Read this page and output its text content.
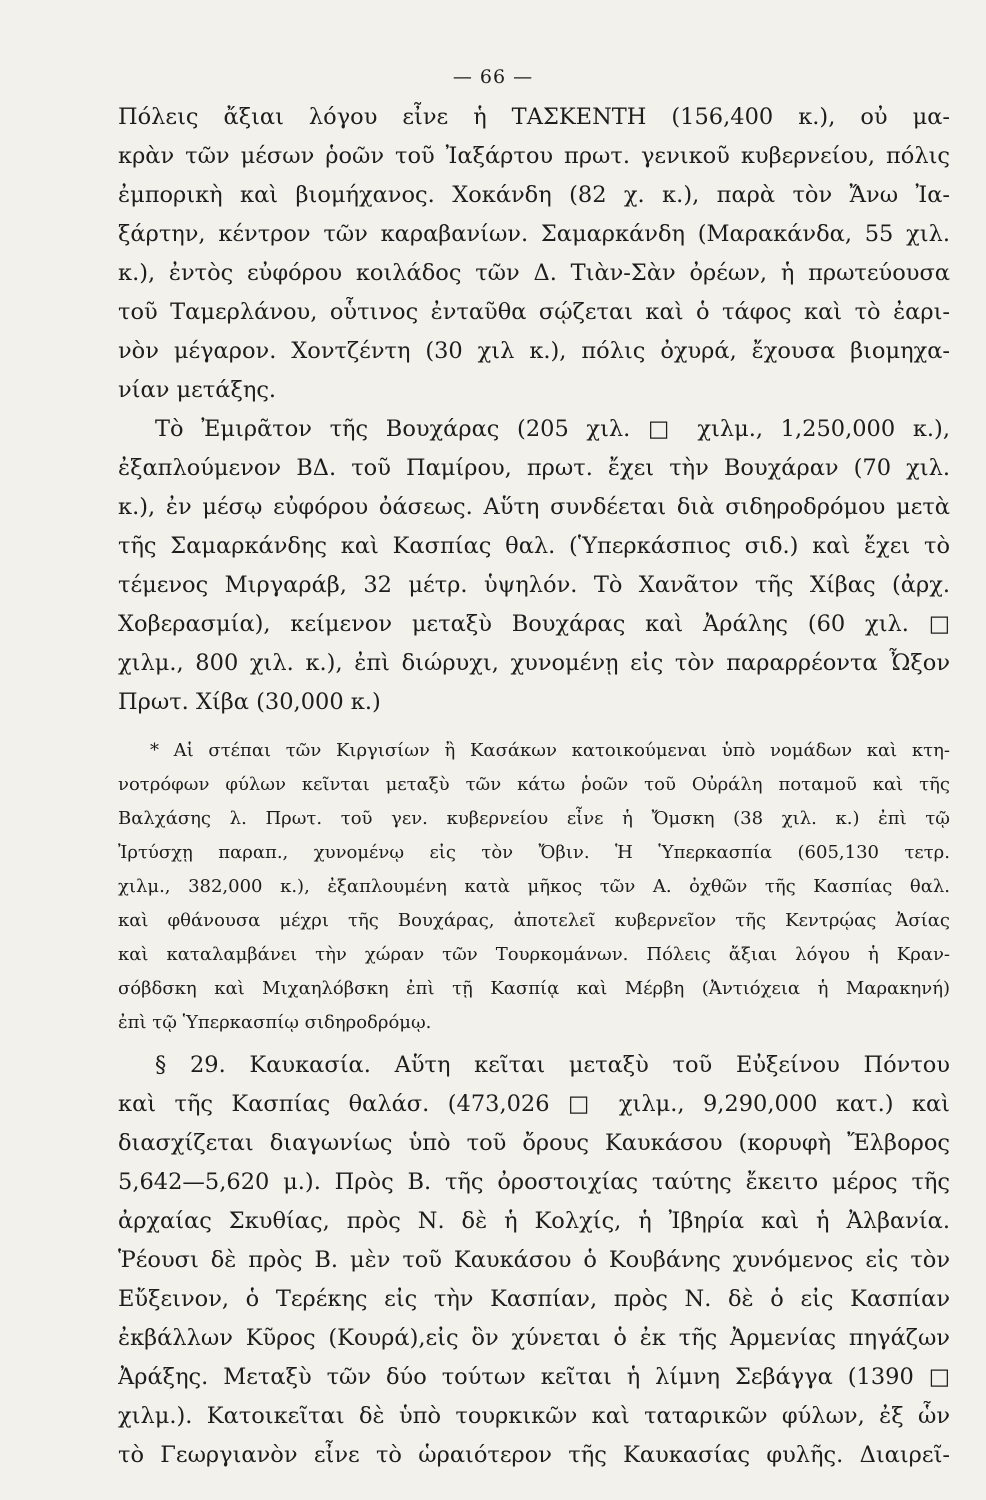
— 66 —
Πόλεις ἄξιαι λόγου εἶνε ἡ ΤΑΣΚΕΝΤΗ (156,400 κ.), οὐ μα-
κρὰν τῶν μέσων ῥοῶν τοῦ Ἰαξάρτου πρωτ. γενικοῦ κυβερνείου, πόλις
ἐμπορικὴ καὶ βιομήχανος. Χοκάνδη (82 χ. κ.), παρὰ τὸν Ἄνω Ἰα-
ξάρτην, κέντρον τῶν καραβανίων. Σαμαρκάνδη (Μαρακάνδα, 55 χιλ.
κ.), ἐντὸς εὐφόρου κοιλάδος τῶν Δ. Τιὰν-Σὰν ὀρέων, ἡ πρωτεύουσα
τοῦ Ταμερλάνου, οὗτινος ἐνταῦθα σῴζεται καὶ ὁ τάφος καὶ τὸ ἐαρι-
νὸν μέγαρον. Χοντζέντη (30 χιλ κ.), πόλις ὀχυρά, ἔχουσα βιομηχα-
νίαν μετάξης.
Τὸ Ἐμιρᾶτον τῆς Βουχάρας (205 χιλ. □ χιλμ., 1,250,000 κ.),
ἐξαπλούμενον ΒΔ. τοῦ Παμίρου, πρωτ. ἔχει τὴν Βουχάραν (70 χιλ.
κ.), ἐν μέσῳ εὐφόρου ὀάσεως. Αὕτη συνδέεται διὰ σιδηροδρόμου μετὰ
τῆς Σαμαρκάνδης καὶ Κασπίας θαλ. (Ὑπερκάσπιος σιδ.) καὶ ἔχει τὸ
τέμενος Μιργαράβ, 32 μέτρ. ὑψηλόν. Τὸ Χανᾶτον τῆς Χίβας (ἀρχ.
Χοβερασμία), κείμενον μεταξὺ Βουχάρας καὶ Ἀράλης (60 χιλ. □
χιλμ., 800 χιλ. κ.), ἐπὶ διώρυχι, χυνομένῃ εἰς τὸν παραρρέοντα Ὦξον
Πρωτ. Χίβα (30,000 κ.)
* Αἱ στέπαι τῶν Κιργισίων ἢ Κασάκων κατοικούμεναι ὑπὸ νομάδων καὶ κτη-
νοτρόφων φύλων κεῖνται μεταξὺ τῶν κάτω ῥοῶν τοῦ Οὐράλη ποταμοῦ καὶ τῆς
Βαλχάσης λ. Πρωτ. τοῦ γεν. κυβερνείου εἶνε ἡ Ὄμσκη (38 χιλ. κ.) ἐπὶ τῷ
Ἰρτύσχῃ παραπ., χυνομένῳ εἰς τὸν Ὄβιν. Ἡ Ὑπερκασπία (605,130 τετρ.
χιλμ., 382,000 κ.), ἐξαπλουμένη κατὰ μῆκος τῶν Α. ὀχθῶν τῆς Κασπίας θαλ.
καὶ φθάνουσα μέχρι τῆς Βουχάρας, ἀποτελεῖ κυβερνεῖον τῆς Κεντρῴας Ἀσίας
καὶ καταλαμβάνει τὴν χώραν τῶν Τουρκομάνων. Πόλεις ἄξιαι λόγου ἡ Κραν-
σόβδσκη καὶ Μιχαηλόβσκη ἐπὶ τῇ Κασπίᾳ καὶ Μέρβη (Ἀντιόχεια ἡ Μαρακηνή)
ἐπὶ τῷ Ὑπερκασπίῳ σιδηροδρόμῳ.
§ 29. Καυκασία. Αὕτη κεῖται μεταξὺ τοῦ Εὐξείνου Πόντου
καὶ τῆς Κασπίας θαλάσ. (473,026 □ χιλμ., 9,290,000 κατ.) καὶ
διασχίζεται διαγωνίως ὑπὸ τοῦ ὄρους Καυκάσου (κορυφὴ Ἔλβορος
5,642—5,620 μ.). Πρὸς Β. τῆς ὀροστοιχίας ταύτης ἔκειτο μέρος τῆς
ἀρχαίας Σκυθίας, πρὸς Ν. δὲ ἡ Κολχίς, ἡ Ἰβηρία καὶ ἡ Ἀλβανία.
Ῥέουσι δὲ πρὸς Β. μὲν τοῦ Καυκάσου ὁ Κουβάνης χυνόμενος εἰς τὸν
Εὔξεινον, ὁ Τερέκης εἰς τὴν Κασπίαν, πρὸς Ν. δὲ ὁ εἰς Κασπίαν
ἐκβάλλων Κῦρος (Κουρά),εἰς ὃν χύνεται ὁ ἐκ τῆς Ἀρμενίας πηγάζων
Ἀράξης. Μεταξὺ τῶν δύο τούτων κεῖται ἡ λίμνη Σεβάγγα (1390 □
χιλμ.). Κατοικεῖται δὲ ὑπὸ τουρκικῶν καὶ ταταρικῶν φύλων, ἐξ ὧν
τὸ Γεωργιανὸν εἶνε τὸ ὡραιότερον τῆς Καυκασίας φυλῆς. Διαιρεῖ-
